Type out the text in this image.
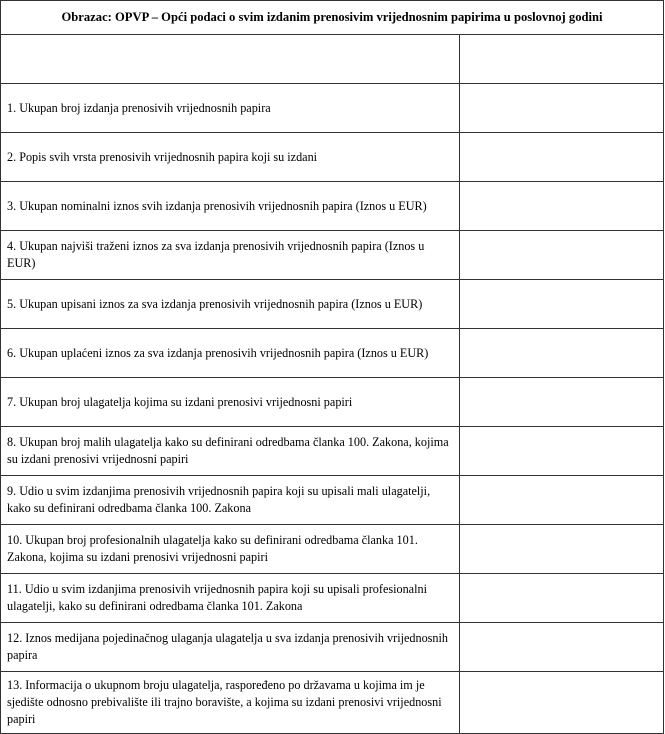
Obrazac: OPVP – Opći podaci o svim izdanim prenosivim vrijednosnim papirima u poslovnoj godini	

1. Ukupan broj izdanja prenosivih vrijednosnih papira	
2. Popis svih vrsta prenosivih vrijednosnih papira koji su izdani	
3. Ukupan nominalni iznos svih izdanja prenosivih vrijednosnih papira (Iznos u EUR)	
4. Ukupan najviši traženi iznos za sva izdanja prenosivih vrijednosnih papira (Iznos u EUR)	
5. Ukupan upisani iznos za sva izdanja prenosivih vrijednosnih papira (Iznos u EUR)	
6. Ukupan uplaćeni iznos za sva izdanja prenosivih vrijednosnih papira (Iznos u EUR)	
7. Ukupan broj ulagatelja kojima su izdani prenosivi vrijednosni papiri	
8. Ukupan broj malih ulagatelja kako su definirani odredbama članka 100. Zakona, kojima su izdani prenosivi vrijednosni papiri	
9. Udio u svim izdanjima prenosivih vrijednosnih papira koji su upisali mali ulagatelji, kako su definirani odredbama članka 100. Zakona	
10. Ukupan broj profesionalnih ulagatelja kako su definirani odredbama članka 101. Zakona, kojima su izdani prenosivi vrijednosni papiri	
11. Udio u svim izdanjima prenosivih vrijednosnih papira koji su upisali profesionalni ulagatelji, kako su definirani odredbama članka 101. Zakona	
12. Iznos medijana pojedinačnog ulaganja ulagatelja u sva izdanja prenosivih vrijednosnih papira	
13. Informacija o ukupnom broju ulagatelja, raspoređeno po državama u kojima im je sjedište odnosno prebivalište ili trajno boravište, a kojima su izdani prenosivi vrijednosni papiri	
